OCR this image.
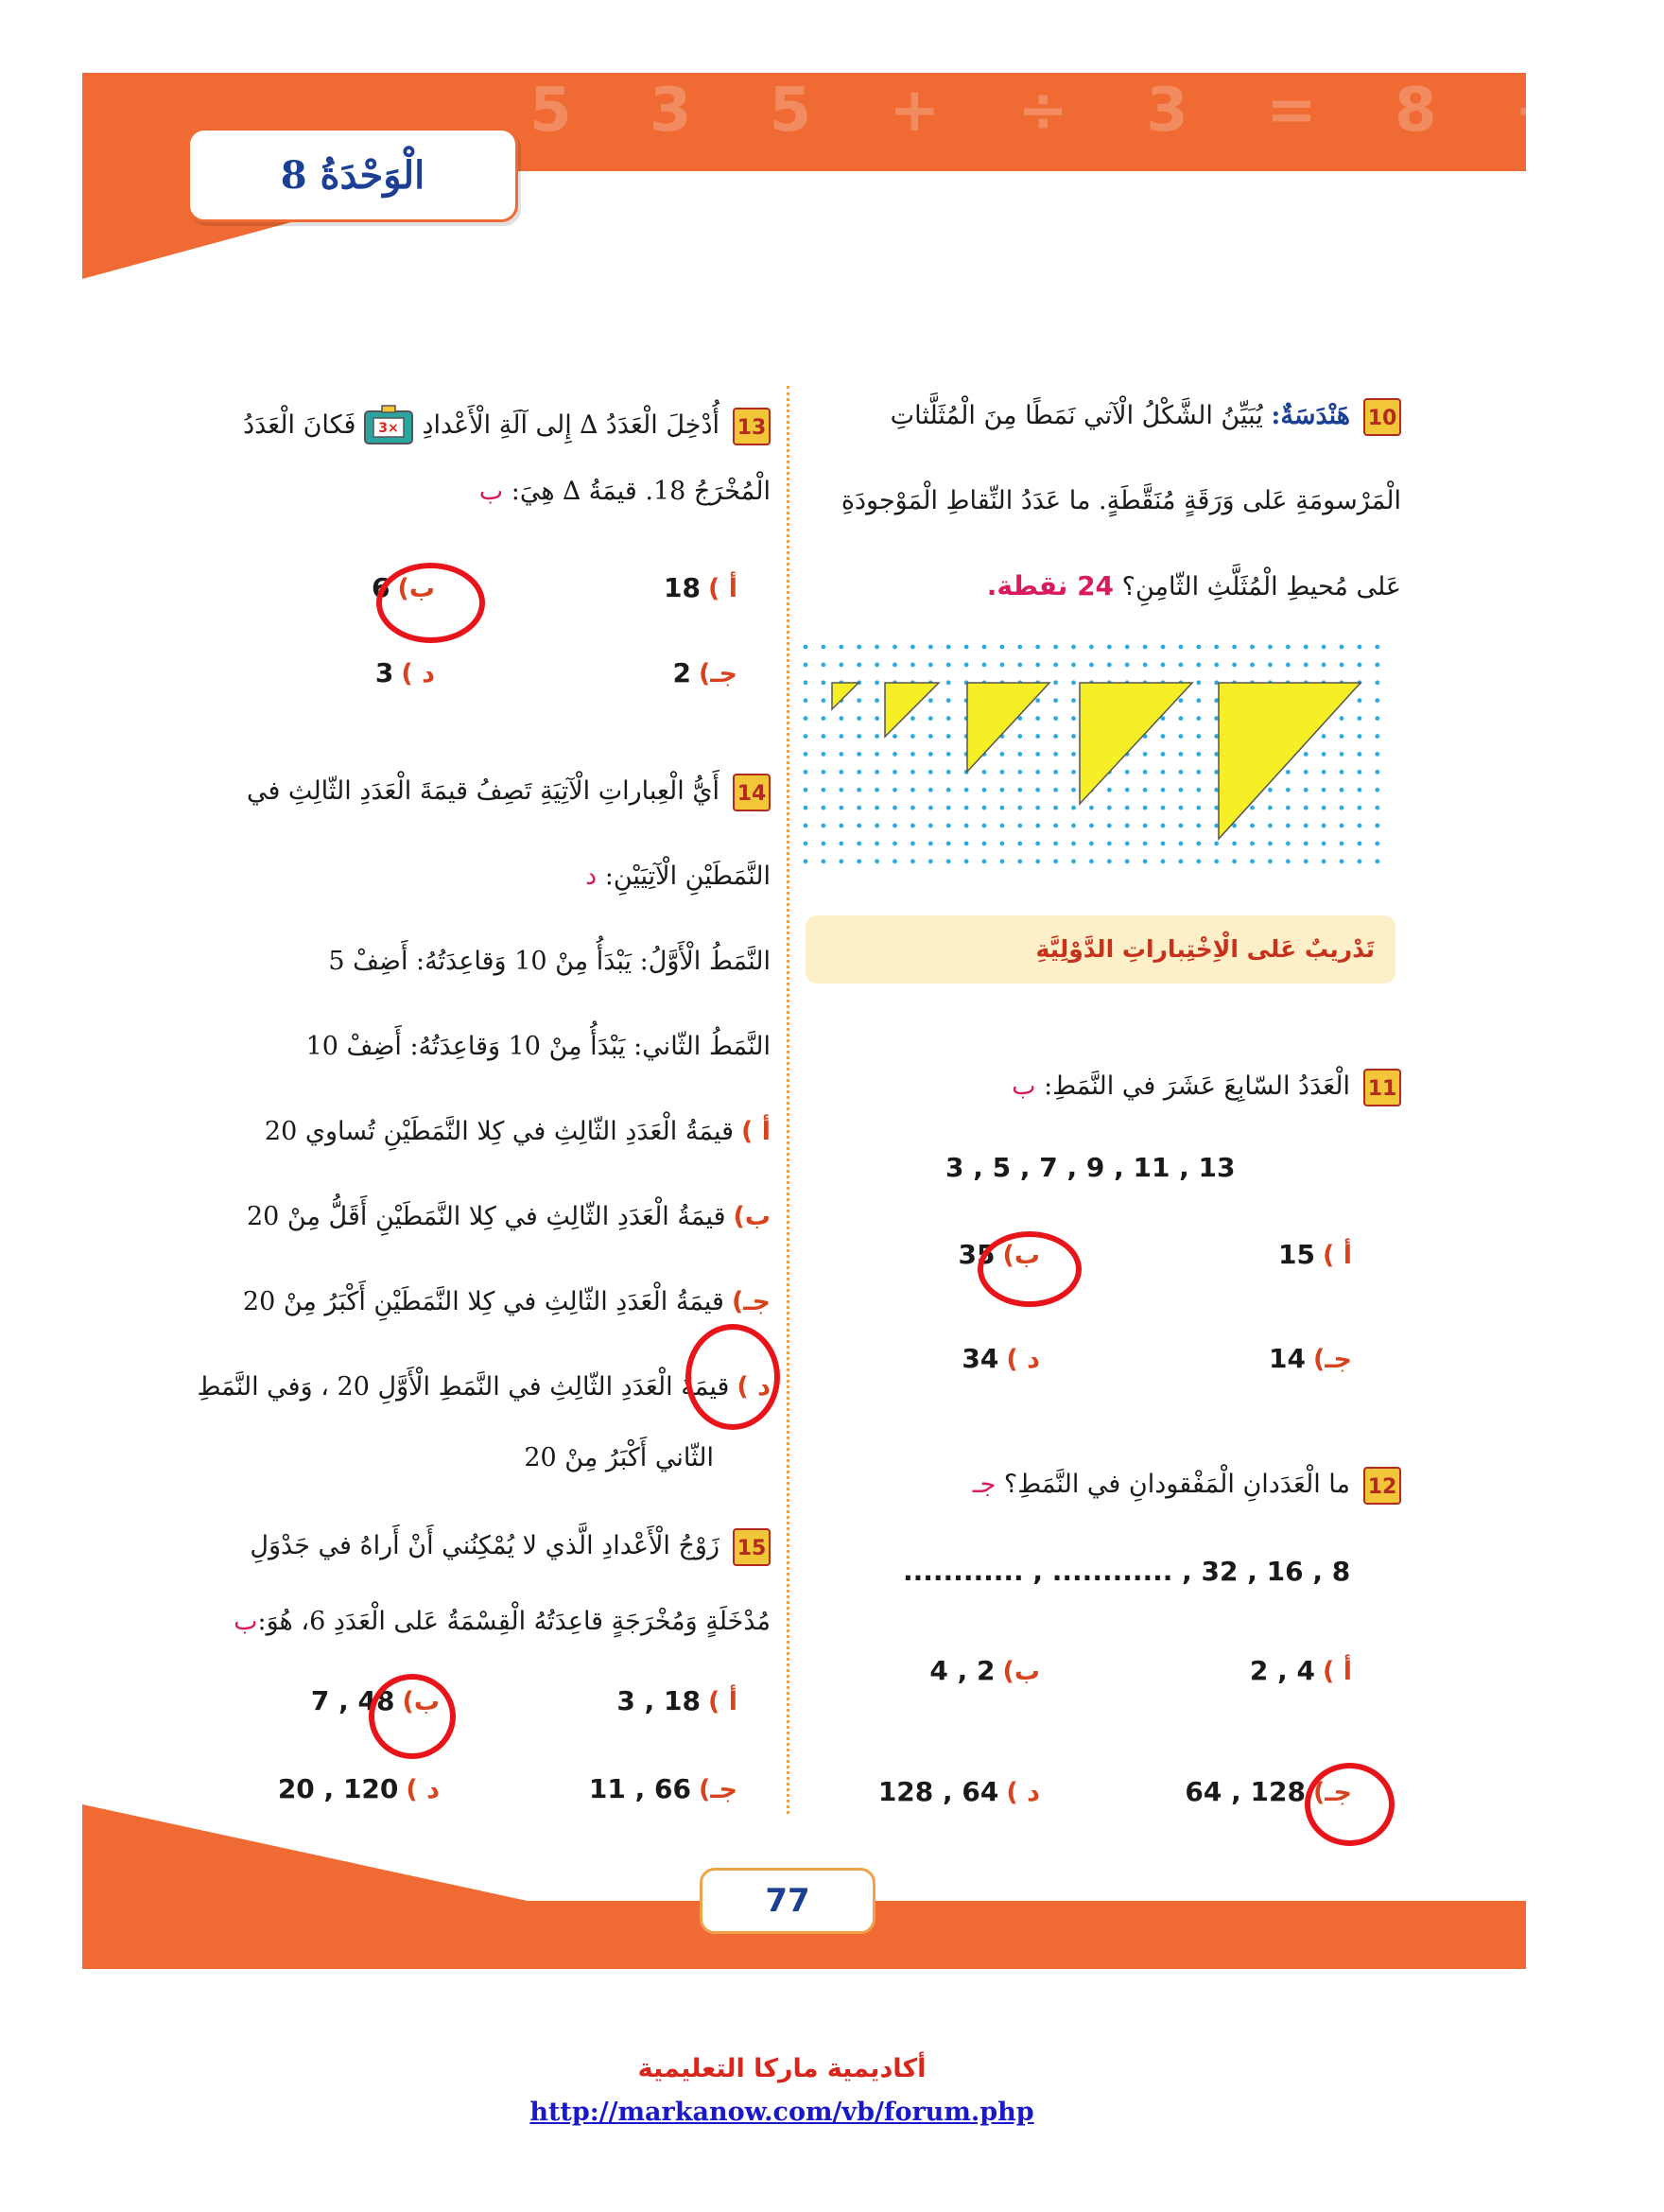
5 3 5 + ÷ 3 = 8 +6
الْوَحْدَةُ 8
10هَنْدَسَةٌ: يُبَيِّنُ الشَّكْلُ الْآتي نَمَطًا مِنَ الْمُثَلَّثاتِ
الْمَرْسومَةِ عَلى وَرَقَةٍ مُنَقَّطَةٍ. ما عَدَدُ النِّقاطِ الْمَوْجودَةِ
عَلى مُحيطِ الْمُثَلَّثِ الثّامِنِ؟ 24 نقطة.
تَدْريبٌ عَلى الْاِخْتِباراتِ الدَّوْلِيَّةِ
11الْعَدَدُ السّابِعَ عَشَرَ في النَّمَطِ: ب
3 , 5 , 7 , 9 , 11 , 13
أ )15
ب)35
جـ)14
د )34
12ما الْعَدَدانِ الْمَفْقودانِ في النَّمَطِ؟ جـ
8 , 16 , 32 , ............ , ............
أ )4 , 2
ب)2 , 4
جـ)128 , 64
د )64 , 128
13أُدْخِلَ الْعَدَدُ ∆ إِلى آلَةِ الْأَعْدادِ
×3
فَكانَ الْعَدَدُ
الْمُخْرَجُ 18. قيمَةُ ∆ هِيَ: ب
أ )18
ب)6
جـ)2
د )3
14أَيُّ الْعِباراتِ الْآتِيَةِ تَصِفُ قيمَةَ الْعَدَدِ الثّالِثِ في
النَّمَطَيْنِ الْآتِيَيْنِ: د
النَّمَطُ الْأَوَّلُ: يَبْدَأُ مِنْ 10 وَقاعِدَتُهُ: أَضِفْ 5
النَّمَطُ الثّاني: يَبْدَأُ مِنْ 10 وَقاعِدَتُهُ: أَضِفْ 10
أ )قيمَةُ الْعَدَدِ الثّالِثِ في كِلا النَّمَطَيْنِ تُساوي 20
ب)قيمَةُ الْعَدَدِ الثّالِثِ في كِلا النَّمَطَيْنِ أَقَلُّ مِنْ 20
جـ)قيمَةُ الْعَدَدِ الثّالِثِ في كِلا النَّمَطَيْنِ أَكْبَرُ مِنْ 20
د )قيمَةُ الْعَدَدِ الثّالِثِ في النَّمَطِ الْأَوَّلِ 20 ، وَفي النَّمَطِ
الثّاني أَكْبَرُ مِنْ 20
15زَوْجُ الْأَعْدادِ الَّذي لا يُمْكِنُني أَنْ أَراهُ في جَدْوَلِ
مُدْخَلَةٍ وَمُخْرَجَةٍ قاعِدَتُهُ الْقِسْمَةُ عَلى الْعَدَدِ 6، هُوَ:ب
أ )18 , 3
ب)48 , 7
جـ)66 , 11
د )120 , 20
77
أكاديمية ماركا التعليمية
http://markanow.com/vb/forum.php
